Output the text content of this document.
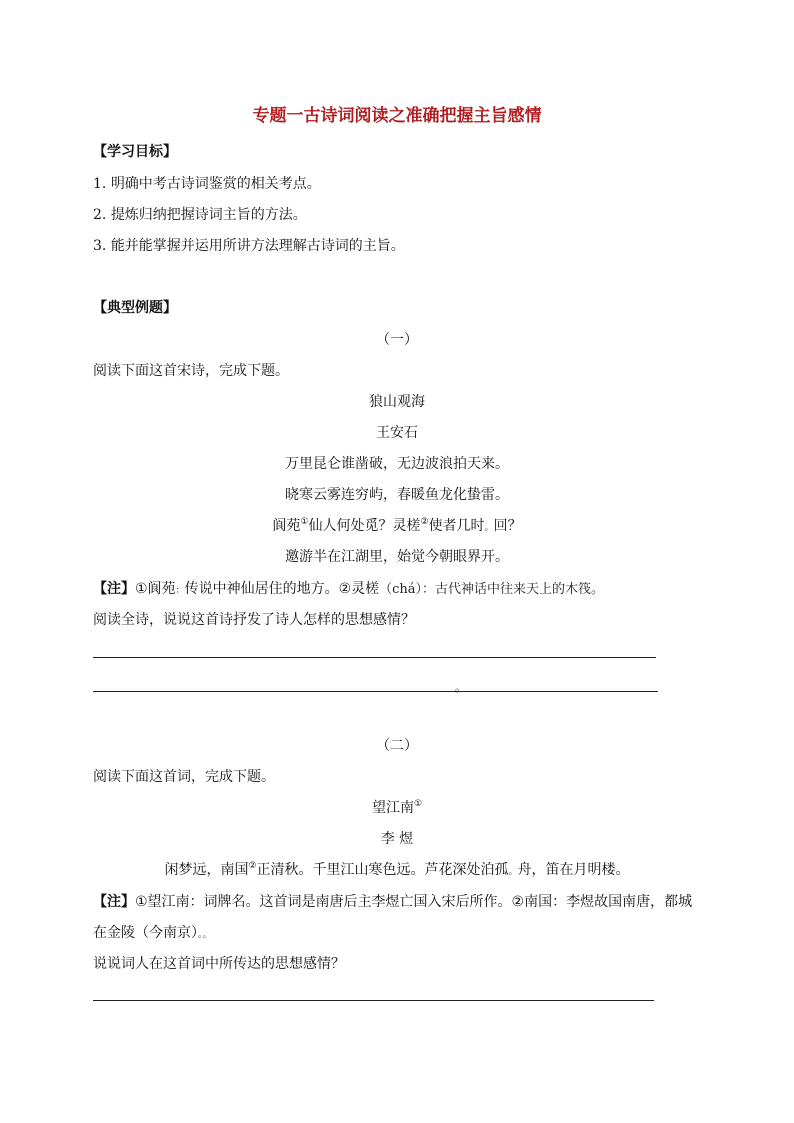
专题一古诗词阅读之准确把握主旨感情
【学习目标】
1. 明确中考古诗词鉴赏的相关考点。
2. 提炼归纳把握诗词主旨的方法。
3. 能并能掌握并运用所讲方法理解古诗词的主旨。
【典型例题】
（一）
阅读下面这首宋诗，完成下题。
狼山观海
王安石
万里昆仑谁凿破，无边波浪拍天来。
晓寒云雾连穷屿，春暖鱼龙化蛰雷。
阆苑①仙人何处觅？灵槎②使者几时。回？
邀游半在江湖里，始觉今朝眼界开。
【注】①阆苑：传说中神仙居住的地方。②灵槎（chá）：古代神话中往来天上的木筏。
阅读全诗，说说这首诗抒发了诗人怎样的思想感情？
。
（二）
阅读下面这首词，完成下题。
望江南①
李 煜
闲梦远，南国②正清秋。千里江山寒色远。芦花深处泊孤。舟，笛在月明楼。
【注】①望江南：词牌名。这首词是南唐后主李煜亡国入宋后所作。②南国：李煜故国南唐，都城
在金陵（今南京）。。
说说词人在这首词中所传达的思想感情？
